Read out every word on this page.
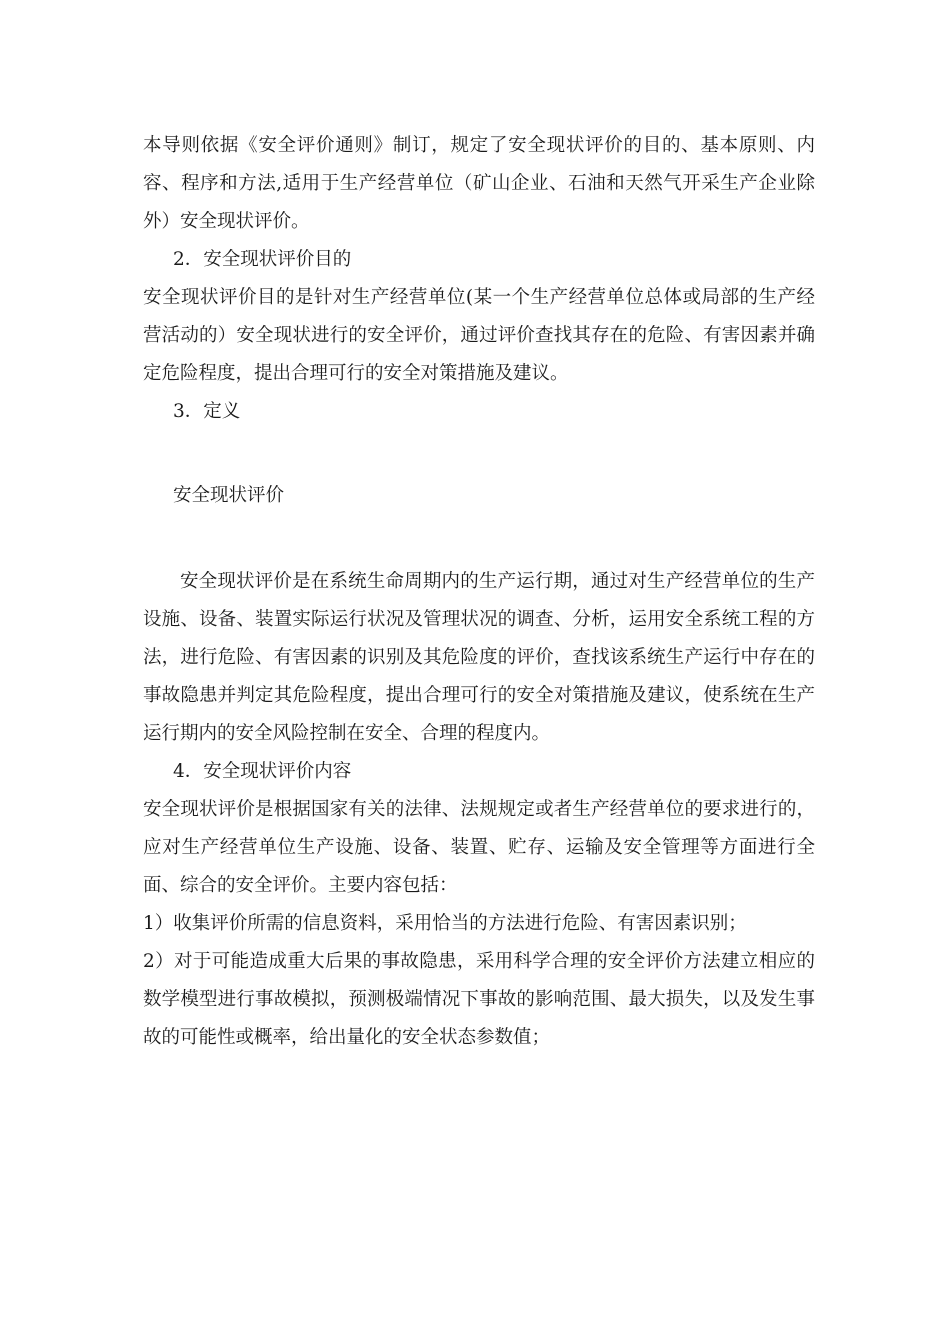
本导则依据《安全评价通则》制订，规定了安全现状评价的目的、基本原则、内容、程序和方法,适用于生产经营单位（矿山企业、石油和天然气开采生产企业除外）安全现状评价。

2．安全现状评价目的

安全现状评价目的是针对生产经营单位(某一个生产经营单位总体或局部的生产经营活动的）安全现状进行的安全评价，通过评价查找其存在的危险、有害因素并确定危险程度，提出合理可行的安全对策措施及建议。

3．定义

安全现状评价

安全现状评价是在系统生命周期内的生产运行期，通过对生产经营单位的生产设施、设备、装置实际运行状况及管理状况的调查、分析，运用安全系统工程的方法，进行危险、有害因素的识别及其危险度的评价，查找该系统生产运行中存在的事故隐患并判定其危险程度，提出合理可行的安全对策措施及建议，使系统在生产运行期内的安全风险控制在安全、合理的程度内。

4．安全现状评价内容

安全现状评价是根据国家有关的法律、法规规定或者生产经营单位的要求进行的，应对生产经营单位生产设施、设备、装置、贮存、运输及安全管理等方面进行全面、综合的安全评价。主要内容包括：

1）收集评价所需的信息资料，采用恰当的方法进行危险、有害因素识别；

2）对于可能造成重大后果的事故隐患，采用科学合理的安全评价方法建立相应的数学模型进行事故模拟，预测极端情况下事故的影响范围、最大损失，以及发生事故的可能性或概率，给出量化的安全状态参数值；
